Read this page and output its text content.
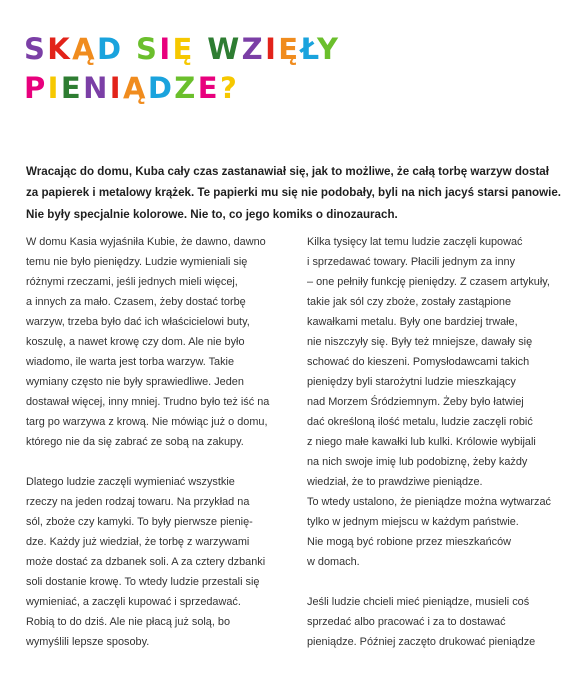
SKĄD SIĘ WZIĘŁY
PIENIĄDZE?
Wracając do domu, Kuba cały czas zastanawiał się, jak to możliwe, że całą torbę warzyw dostał
za papierek i metalowy krążek. Te papierki mu się nie podobały, byli na nich jacyś starsi panowie.
Nie były specjalnie kolorowe. Nie to, co jego komiks o dinozaurach.

W domu Kasia wyjaśniła Kubie, że dawno, dawno
temu nie było pieniędzy. Ludzie wymieniali się
różnymi rzeczami, jeśli jednych mieli więcej,
a innych za mało. Czasem, żeby dostać torbę
warzyw, trzeba było dać ich właścicielowi buty,
koszulę, a nawet krowę czy dom. Ale nie było
wiadomo, ile warta jest torba warzyw. Takie
wymiany często nie były sprawiedliwe. Jeden
dostawał więcej, inny mniej. Trudno było też iść na
targ po warzywa z krową. Nie mówiąc już o domu,
którego nie da się zabrać ze sobą na zakupy.

Dlatego ludzie zaczęli wymieniać wszystkie
rzeczy na jeden rodzaj towaru. Na przykład na
sól, zboże czy kamyki. To były pierwsze pienię-
dze. Każdy już wiedział, że torbę z warzywami
może dostać za dzbanek soli. A za cztery dzbanki
soli dostanie krowę. To wtedy ludzie przestali się
wymieniać, a zaczęli kupować i sprzedawać.
Robią to do dziś. Ale nie płacą już solą, bo
wymyślili lepsze sposoby.

Kilka tysięcy lat temu ludzie zaczęli kupować
i sprzedawać towary. Płacili jednym za inny
– one pełniły funkcję pieniędzy. Z czasem artykuły,
takie jak sól czy zboże, zostały zastąpione
kawałkami metalu. Były one bardziej trwałe,
nie niszczyły się. Były też mniejsze, dawały się
schować do kieszeni. Pomysłodawcami takich
pieniędzy byli starożytni ludzie mieszkający
nad Morzem Śródziemnym. Żeby było łatwiej
dać określoną ilość metalu, ludzie zaczęli robić
z niego małe kawałki lub kulki. Królowie wybijali
na nich swoje imię lub podobiznę, żeby każdy
wiedział, że to prawdziwe pieniądze.
To wtedy ustalono, że pieniądze można wytwarzać
tylko w jednym miejscu w każdym państwie.
Nie mogą być robione przez mieszkańców
w domach.

Jeśli ludzie chcieli mieć pieniądze, musieli coś
sprzedać albo pracować i za to dostawać
pieniądze. Później zaczęto drukować pieniądze
